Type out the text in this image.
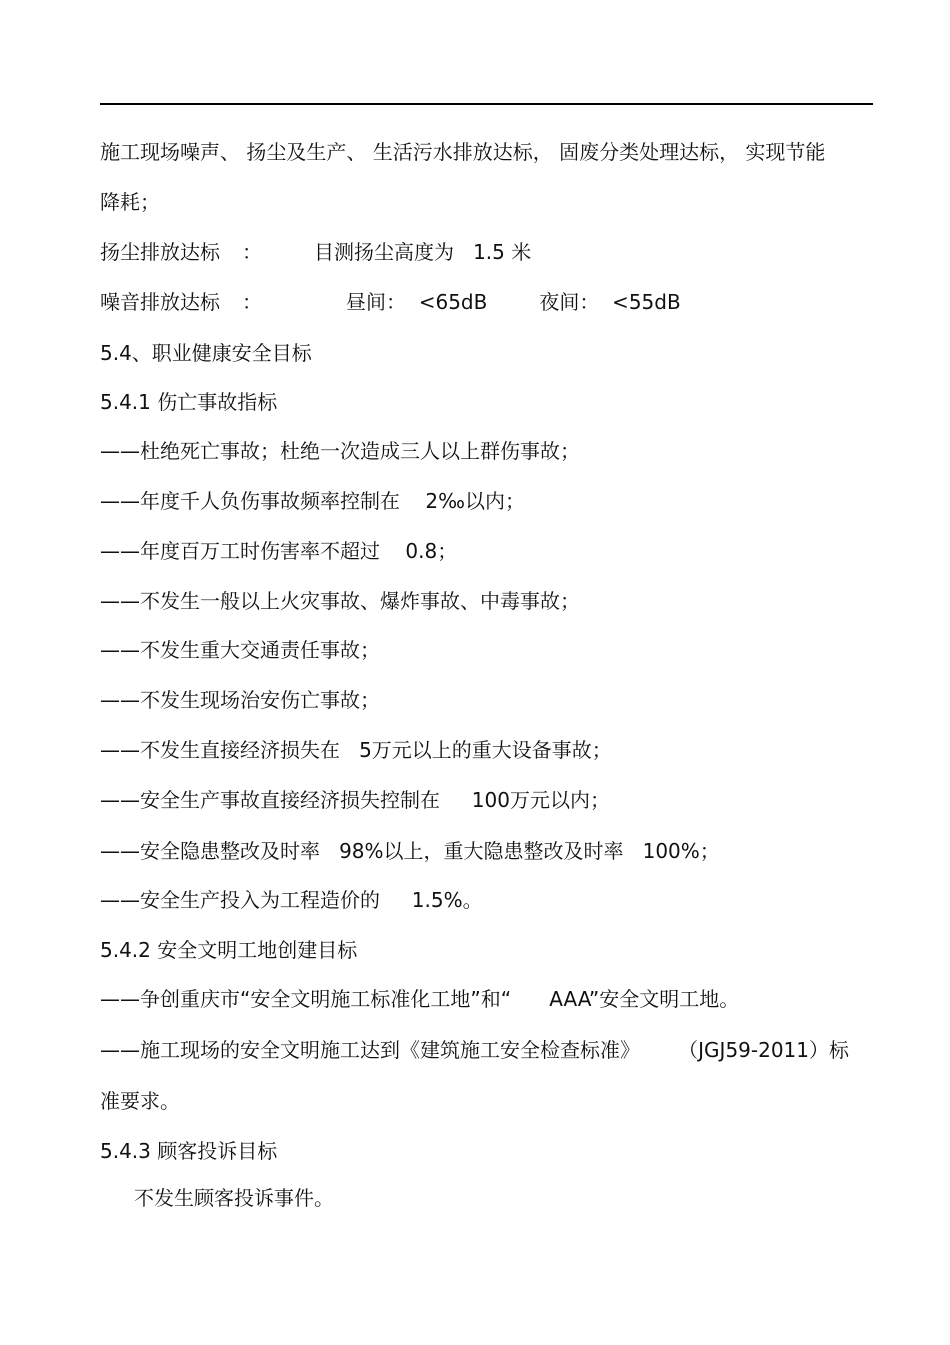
施工现场噪声、 扬尘及生产、 生活污水排放达标， 固废分类处理达标， 实现节能
降耗；
扬尘排放达标 ：	目测扬尘高度为   1.5 米
噪音排放达标 ：	昼间：  <65dB	夜间：  <55dB
5.4、职业健康安全目标
5.4.1 伤亡事故指标
——杜绝死亡事故；杜绝一次造成三人以上群伤事故；
——年度千人负伤事故频率控制在    2‰以内；
——年度百万工时伤害率不超过    0.8；
——不发生一般以上火灾事故、爆炸事故、中毒事故；
——不发生重大交通责任事故；
——不发生现场治安伤亡事故；
——不发生直接经济损失在   5万元以上的重大设备事故；
——安全生产事故直接经济损失控制在     100万元以内；
——安全隐患整改及时率   98%以上，重大隐患整改及时率   100%；
——安全生产投入为工程造价的     1.5%。
5.4.2 安全文明工地创建目标
——争创重庆市“安全文明施工标准化工地”和“      AAA”安全文明工地。
——施工现场的安全文明施工达到《建筑施工安全检查标准》      （JGJ59-2011）标
准要求。
5.4.3 顾客投诉目标
不发生顾客投诉事件。
